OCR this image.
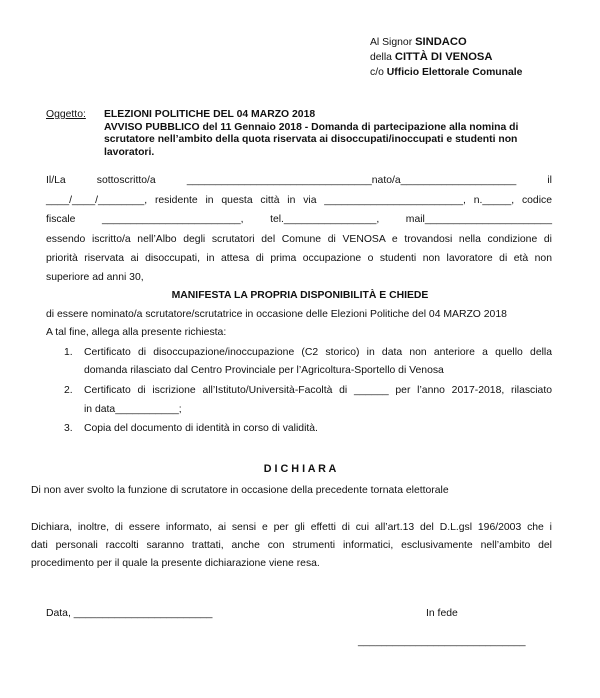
Al Signor SINDACO
della CITTÀ DI VENOSA
c/o Ufficio Elettorale Comunale
Oggetto: ELEZIONI POLITICHE DEL 04 MARZO 2018
AVVISO PUBBLICO del 11 Gennaio 2018 - Domanda di partecipazione alla nomina di
scrutatore nell’ambito della quota riservata ai disoccupati/inoccupati e studenti non
lavoratori.
Il/La sottoscritto/a ________________________________nato/a____________________ il
____/____/________, residente in questa città in via ________________________, n._____, codice
fiscale ________________________, tel.________________, mail______________________
essendo iscritto/a nell’Albo degli scrutatori del Comune di VENOSA e trovandosi nella condizione di
priorità riservata ai disoccupati, in attesa di prima occupazione o studenti non lavoratore di età non
superiore ad anni 30,
MANIFESTA LA PROPRIA DISPONIBILITÀ E CHIEDE
di essere nominato/a scrutatore/scrutatrice in occasione delle Elezioni Politiche del 04 MARZO 2018
A tal fine, allega alla presente richiesta:
1. Certificato di disoccupazione/inoccupazione (C2 storico) in data non anteriore a quello della
domanda rilasciato dal Centro Provinciale per l’Agricoltura-Sportello di Venosa
2. Certificato di iscrizione all’Istituto/Università-Facoltà di ______ per l’anno 2017-2018, rilasciato
in data___________;
3. Copia del documento di identità in corso di validità.
D I C H I A R A
Di non aver svolto la funzione di scrutatore in occasione della precedente tornata elettorale
Dichiara, inoltre, di essere informato, ai sensi e per gli effetti di cui all’art.13 del D.L.gsl 196/2003 che i
dati personali raccolti saranno trattati, anche con strumenti informatici, esclusivamente nell’ambito del
procedimento per il quale la presente dichiarazione viene resa.
Data, ________________________	In fede
_____________________________
